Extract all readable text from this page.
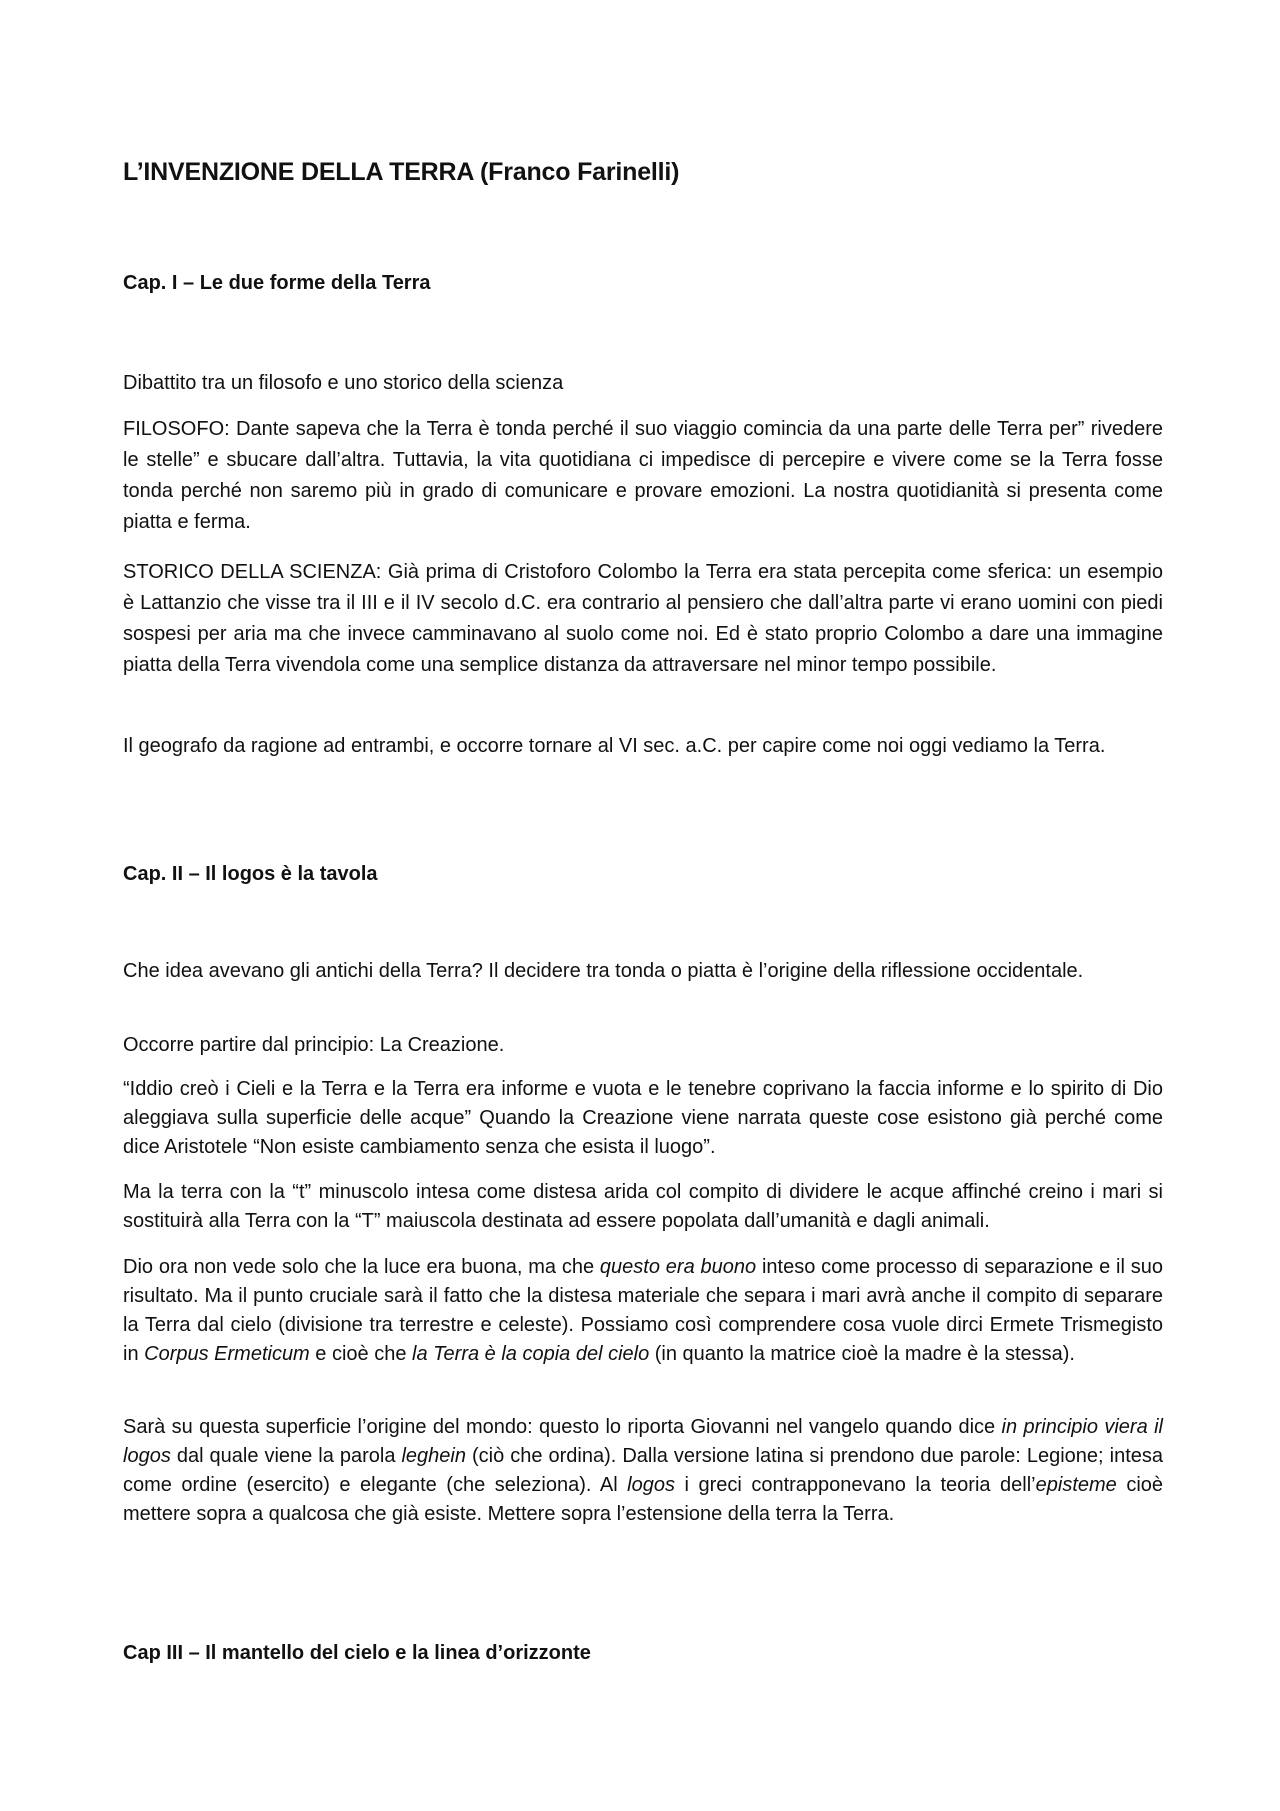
L’INVENZIONE DELLA TERRA (Franco Farinelli)
Cap. I – Le due forme della Terra

Dibattito tra un filosofo e uno storico della scienza

FILOSOFO: Dante sapeva che la Terra è tonda perché il suo viaggio comincia da una parte delle Terra per” rivedere le stelle” e sbucare dall’altra. Tuttavia, la vita quotidiana ci impedisce di percepire e vivere come se la Terra fosse tonda perché non saremo più in grado di comunicare e provare emozioni. La nostra quotidianità si presenta come piatta e ferma.

STORICO DELLA SCIENZA: Già prima di Cristoforo Colombo la Terra era stata percepita come sferica: un esempio è Lattanzio che visse tra il III e il IV secolo d.C. era contrario al pensiero che dall’altra parte vi erano uomini con piedi sospesi per aria ma che invece camminavano al suolo come noi. Ed è stato proprio Colombo a dare una immagine piatta della Terra vivendola come una semplice distanza da attraversare nel minor tempo possibile.

Il geografo da ragione ad entrambi, e occorre tornare al VI sec. a.C. per capire come noi oggi vediamo la Terra.

Cap. II – Il logos è la tavola

Che idea avevano gli antichi della Terra? Il decidere tra tonda o piatta è l’origine della riflessione occidentale.

Occorre partire dal principio: La Creazione.

“Iddio creò i Cieli e la Terra e la Terra era informe e vuota e le tenebre coprivano la faccia informe e lo spirito di Dio aleggiava sulla superficie delle acque” Quando la Creazione viene narrata queste cose esistono già perché come dice Aristotele “Non esiste cambiamento senza che esista il luogo”.

Ma la terra con la “t” minuscolo intesa come distesa arida col compito di dividere le acque affinché creino i mari si sostituirà alla Terra con la “T” maiuscola destinata ad essere popolata dall’umanità e dagli animali.

Dio ora non vede solo che la luce era buona, ma che questo era buono inteso come processo di separazione e il suo risultato. Ma il punto cruciale sarà il fatto che la distesa materiale che separa i mari avrà anche il compito di separare la Terra dal cielo (divisione tra terrestre e celeste). Possiamo così comprendere cosa vuole dirci Ermete Trismegisto in Corpus Ermeticum e cioè che la Terra è la copia del cielo (in quanto la matrice cioè la madre è la stessa).

Sarà su questa superficie l’origine del mondo: questo lo riporta Giovanni nel vangelo quando dice in principio viera il logos dal quale viene la parola leghein (ciò che ordina). Dalla versione latina si prendono due parole: Legione; intesa come ordine (esercito) e elegante (che seleziona). Al logos i greci contrapponevano la teoria dell’episteme cioè mettere sopra a qualcosa che già esiste. Mettere sopra l’estensione della terra la Terra.

Cap III – Il mantello del cielo e la linea d’orizzonte
